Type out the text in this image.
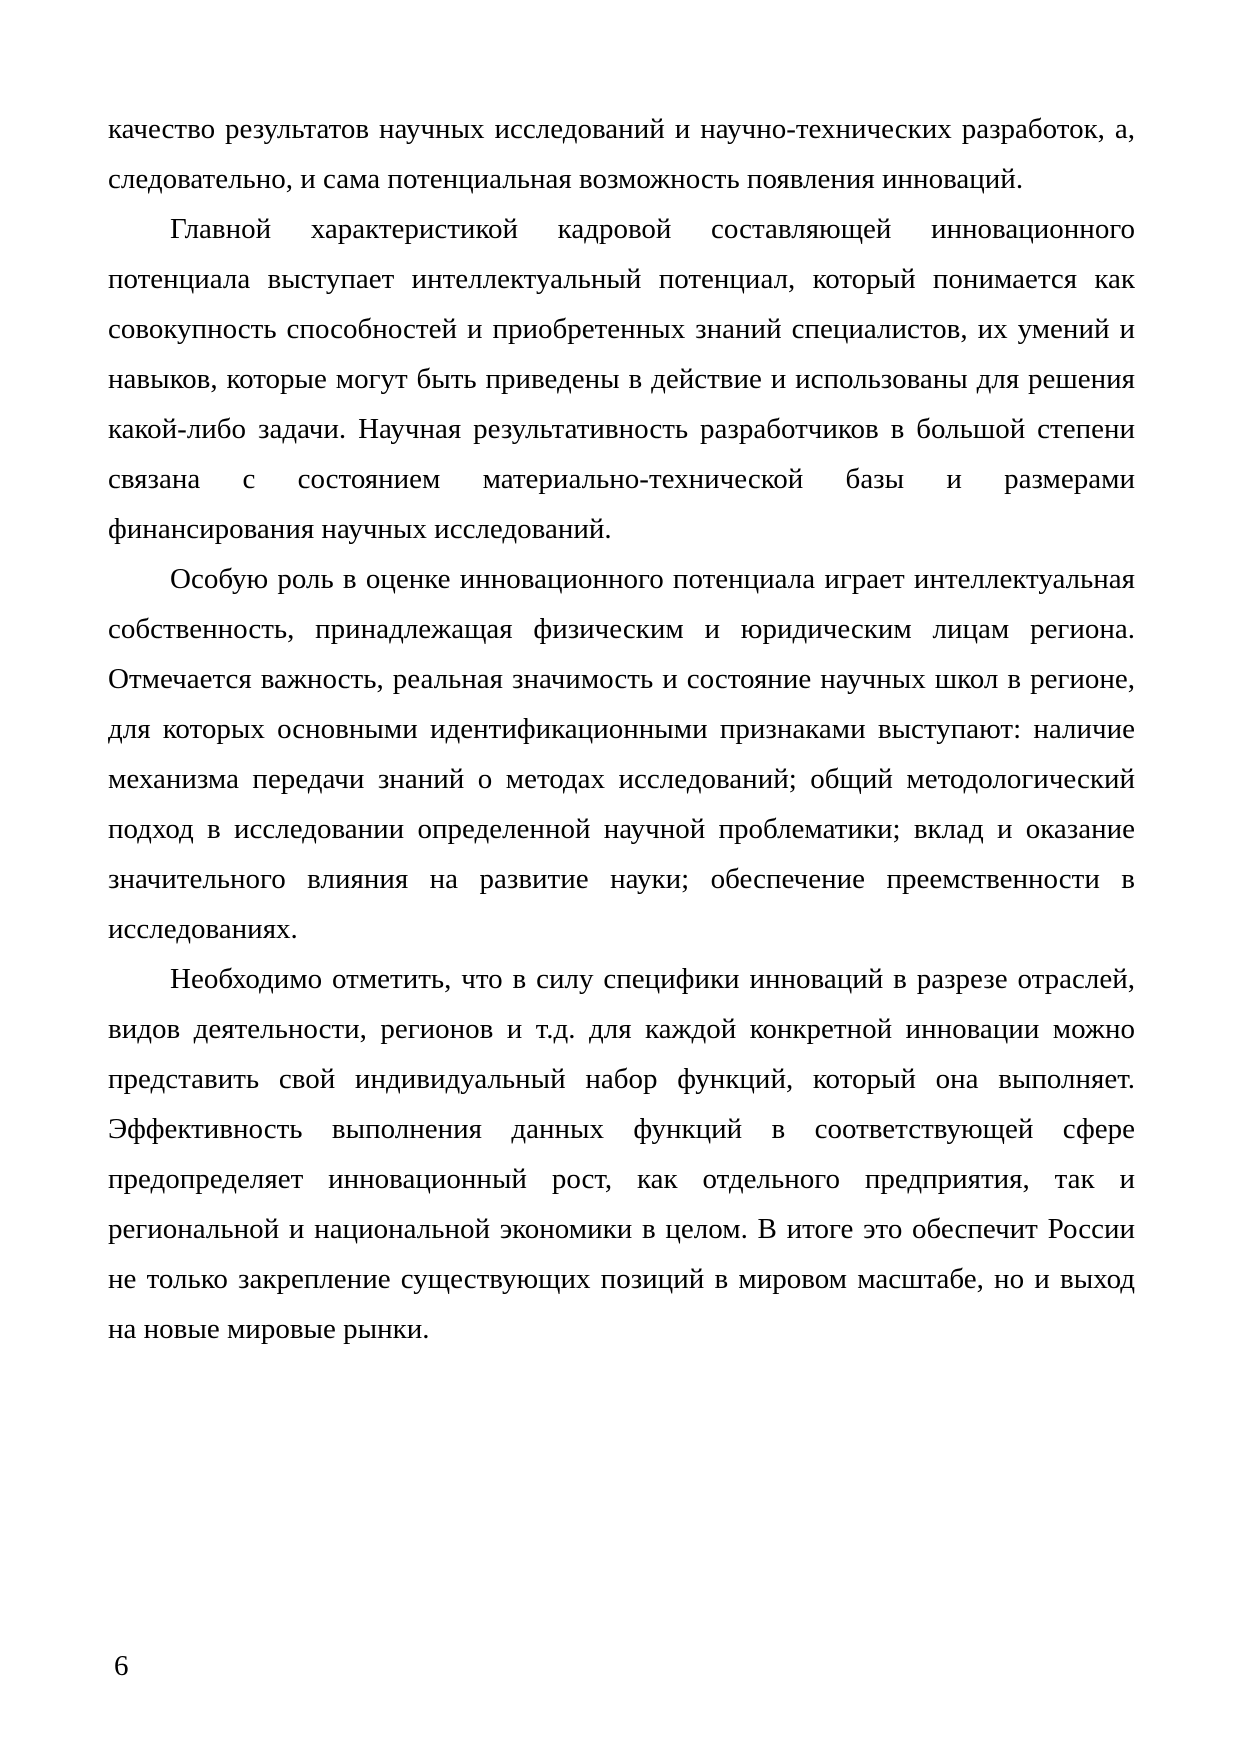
качество результатов научных исследований и научно-технических разработок, а, следовательно, и сама потенциальная возможность появления инноваций.

Главной характеристикой кадровой составляющей инновационного потенциала выступает интеллектуальный потенциал, который понимается как совокупность способностей и приобретенных знаний специалистов, их умений и навыков, которые могут быть приведены в действие и использованы для решения какой-либо задачи. Научная результативность разработчиков в большой степени связана с состоянием материально-технической базы и размерами финансирования научных исследований.

Особую роль в оценке инновационного потенциала играет интеллектуальная собственность, принадлежащая физическим и юридическим лицам региона. Отмечается важность, реальная значимость и состояние научных школ в регионе, для которых основными идентификационными признаками выступают: наличие механизма передачи знаний о методах исследований; общий методологический подход в исследовании определенной научной проблематики; вклад и оказание значительного влияния на развитие науки; обеспечение преемственности в исследованиях.

Необходимо отметить, что в силу специфики инноваций в разрезе отраслей, видов деятельности, регионов и т.д. для каждой конкретной инновации можно представить свой индивидуальный набор функций, который она выполняет. Эффективность выполнения данных функций в соответствующей сфере предопределяет инновационный рост, как отдельного предприятия, так и региональной и национальной экономики в целом. В итоге это обеспечит России не только закрепление существующих позиций в мировом масштабе, но и выход на новые мировые рынки.

6
